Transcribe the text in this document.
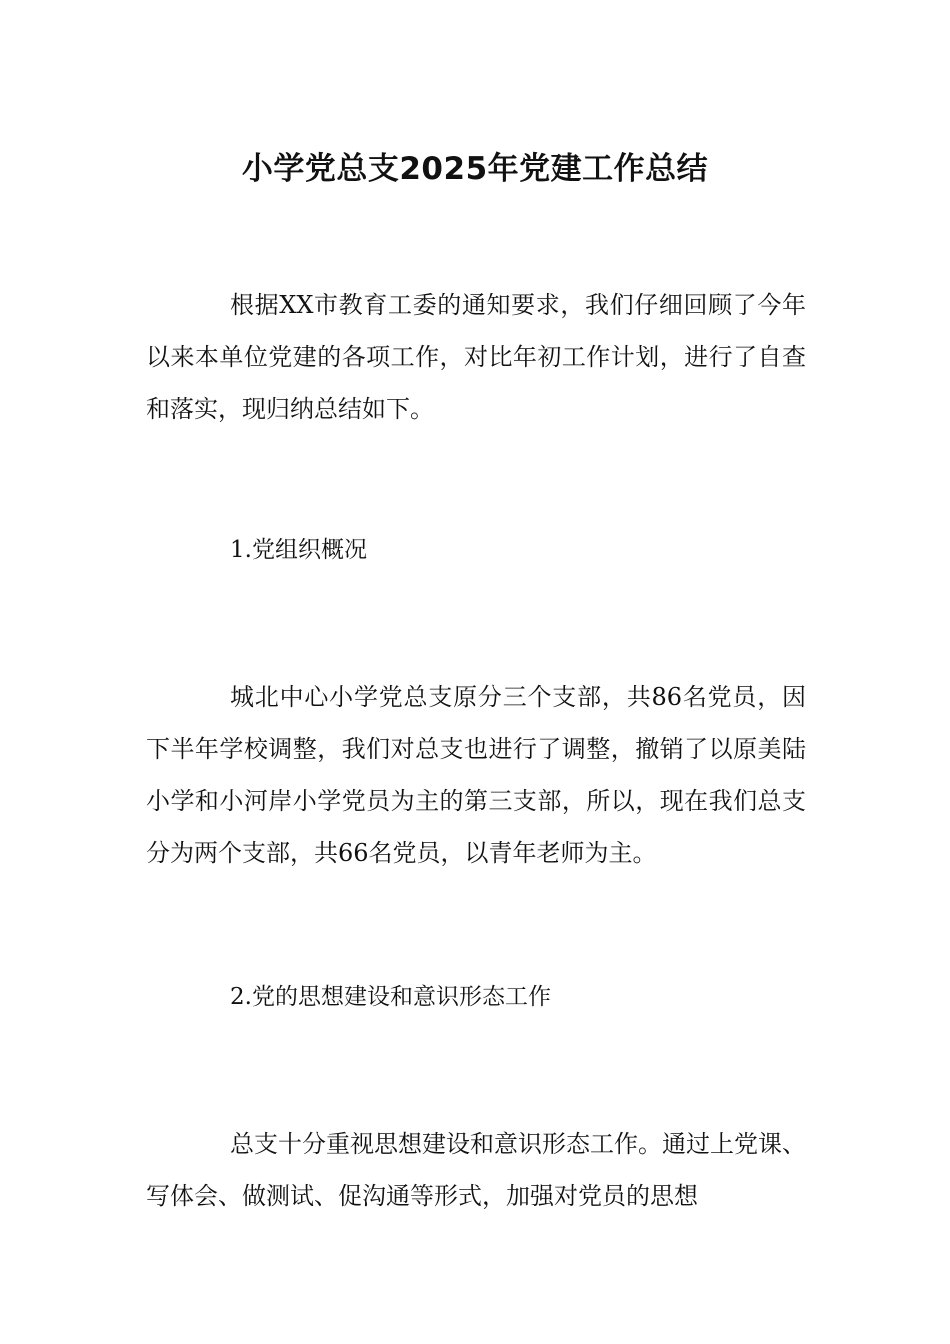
小学党总支2025年党建工作总结

根据XX市教育工委的通知要求，我们仔细回顾了今年以来本单位党建的各项工作，对比年初工作计划，进行了自查和落实，现归纳总结如下。

1.党组织概况

城北中心小学党总支原分三个支部，共86名党员，因下半年学校调整，我们对总支也进行了调整，撤销了以原美陆小学和小河岸小学党员为主的第三支部，所以，现在我们总支分为两个支部，共66名党员，以青年老师为主。

2.党的思想建设和意识形态工作

总支十分重视思想建设和意识形态工作。通过上党课、写体会、做测试、促沟通等形式，加强对党员的思想
